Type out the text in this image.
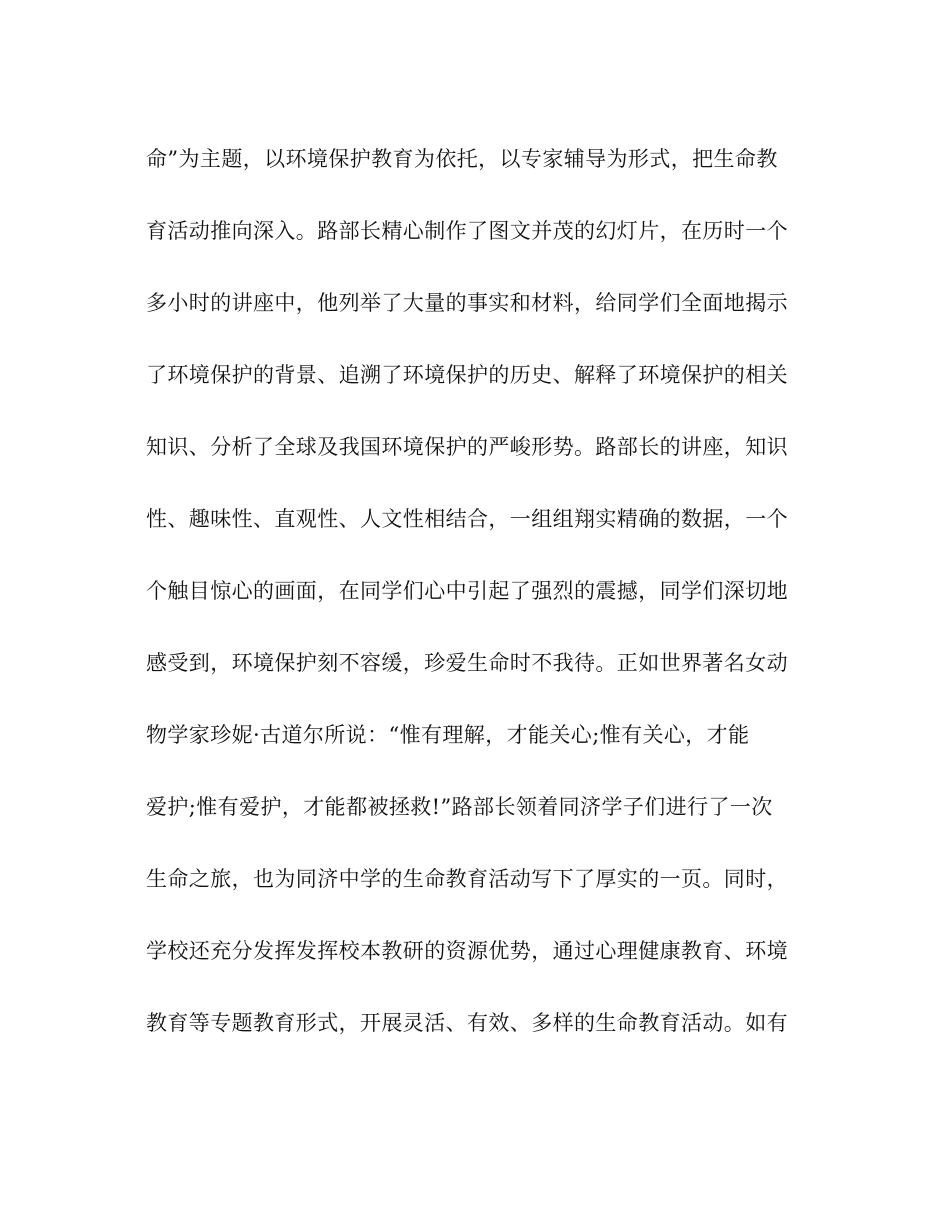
命”为主题，以环境保护教育为依托，以专家辅导为形式，把生命教
育活动推向深入。路部长精心制作了图文并茂的幻灯片，在历时一个
多小时的讲座中，他列举了大量的事实和材料，给同学们全面地揭示
了环境保护的背景、追溯了环境保护的历史、解释了环境保护的相关
知识、分析了全球及我国环境保护的严峻形势。路部长的讲座，知识
性、趣味性、直观性、人文性相结合，一组组翔实精确的数据，一个
个触目惊心的画面，在同学们心中引起了强烈的震撼，同学们深切地
感受到，环境保护刻不容缓，珍爱生命时不我待。正如世界著名女动
物学家珍妮·古道尔所说：“惟有理解，才能关心;惟有关心，才能
爱护;惟有爱护，才能都被拯救!”路部长领着同济学子们进行了一次
生命之旅，也为同济中学的生命教育活动写下了厚实的一页。同时，
学校还充分发挥发挥校本教研的资源优势，通过心理健康教育、环境
教育等专题教育形式，开展灵活、有效、多样的生命教育活动。如有
